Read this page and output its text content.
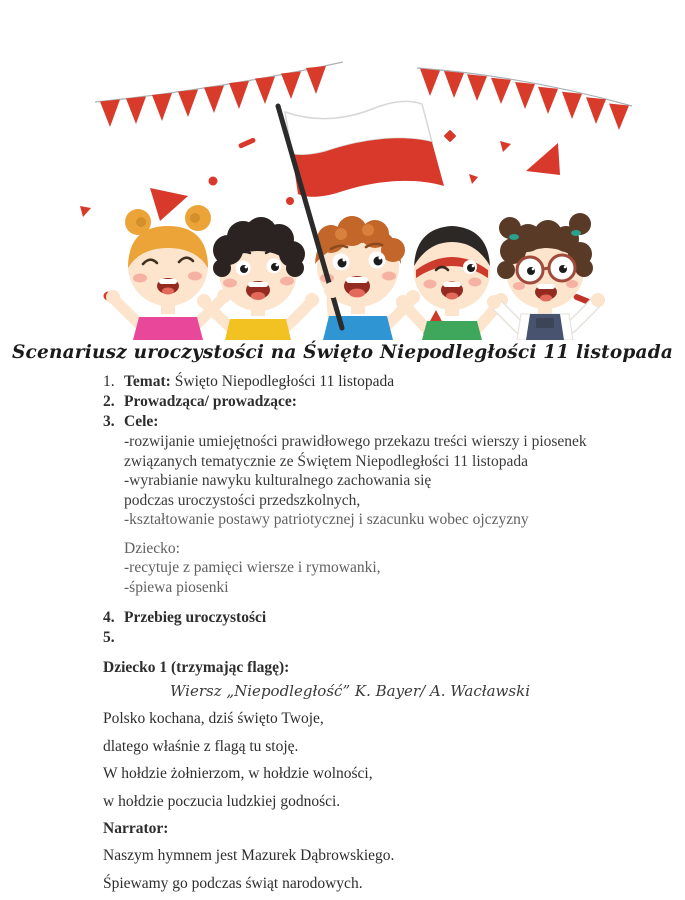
Scenariusz uroczystości na Święto Niepodległości 11 listopada
1. Temat: Święto Niepodległości 11 listopada
2. Prowadząca/ prowadzące:
3. Cele:
-rozwijanie umiejętności prawidłowego przekazu treści wierszy i piosenek
związanych tematycznie ze Świętem Niepodległości 11 listopada
-wyrabianie nawyku kulturalnego zachowania się
podczas uroczystości przedszkolnych,
-kształtowanie postawy patriotycznej i szacunku wobec ojczyzny
Dziecko:
-recytuje z pamięci wiersze i rymowanki,
-śpiewa piosenki
4. Przebieg uroczystości
5.
Dziecko 1 (trzymając flagę):
Wiersz „Niepodległość” K. Bayer/ A. Wacławski
Polsko kochana, dziś święto Twoje,
dlatego właśnie z flagą tu stoję.
W hołdzie żołnierzom, w hołdzie wolności,
w hołdzie poczucia ludzkiej godności.
Narrator:
Naszym hymnem jest Mazurek Dąbrowskiego.
Śpiewamy go podczas świąt narodowych.
